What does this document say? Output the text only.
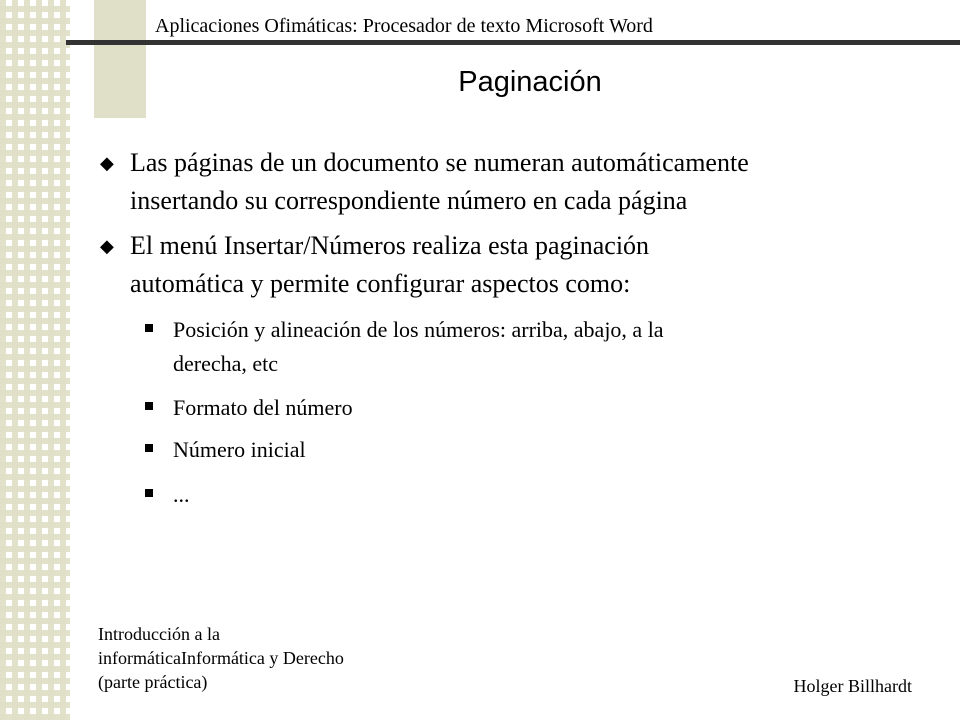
Aplicaciones Ofimáticas: Procesador de texto Microsoft Word
Paginación
◆ Las páginas de un documento se numeran automáticamente
insertando su correspondiente número en cada página
◆ El menú Insertar/Números realiza esta paginación
automática y permite configurar aspectos como:
Posición y alineación de los números: arriba, abajo, a la
derecha, etc
Formato del número
Número inicial
...
Introducción a la
informáticaInformática y Derecho
(parte práctica)	Holger Billhardt
